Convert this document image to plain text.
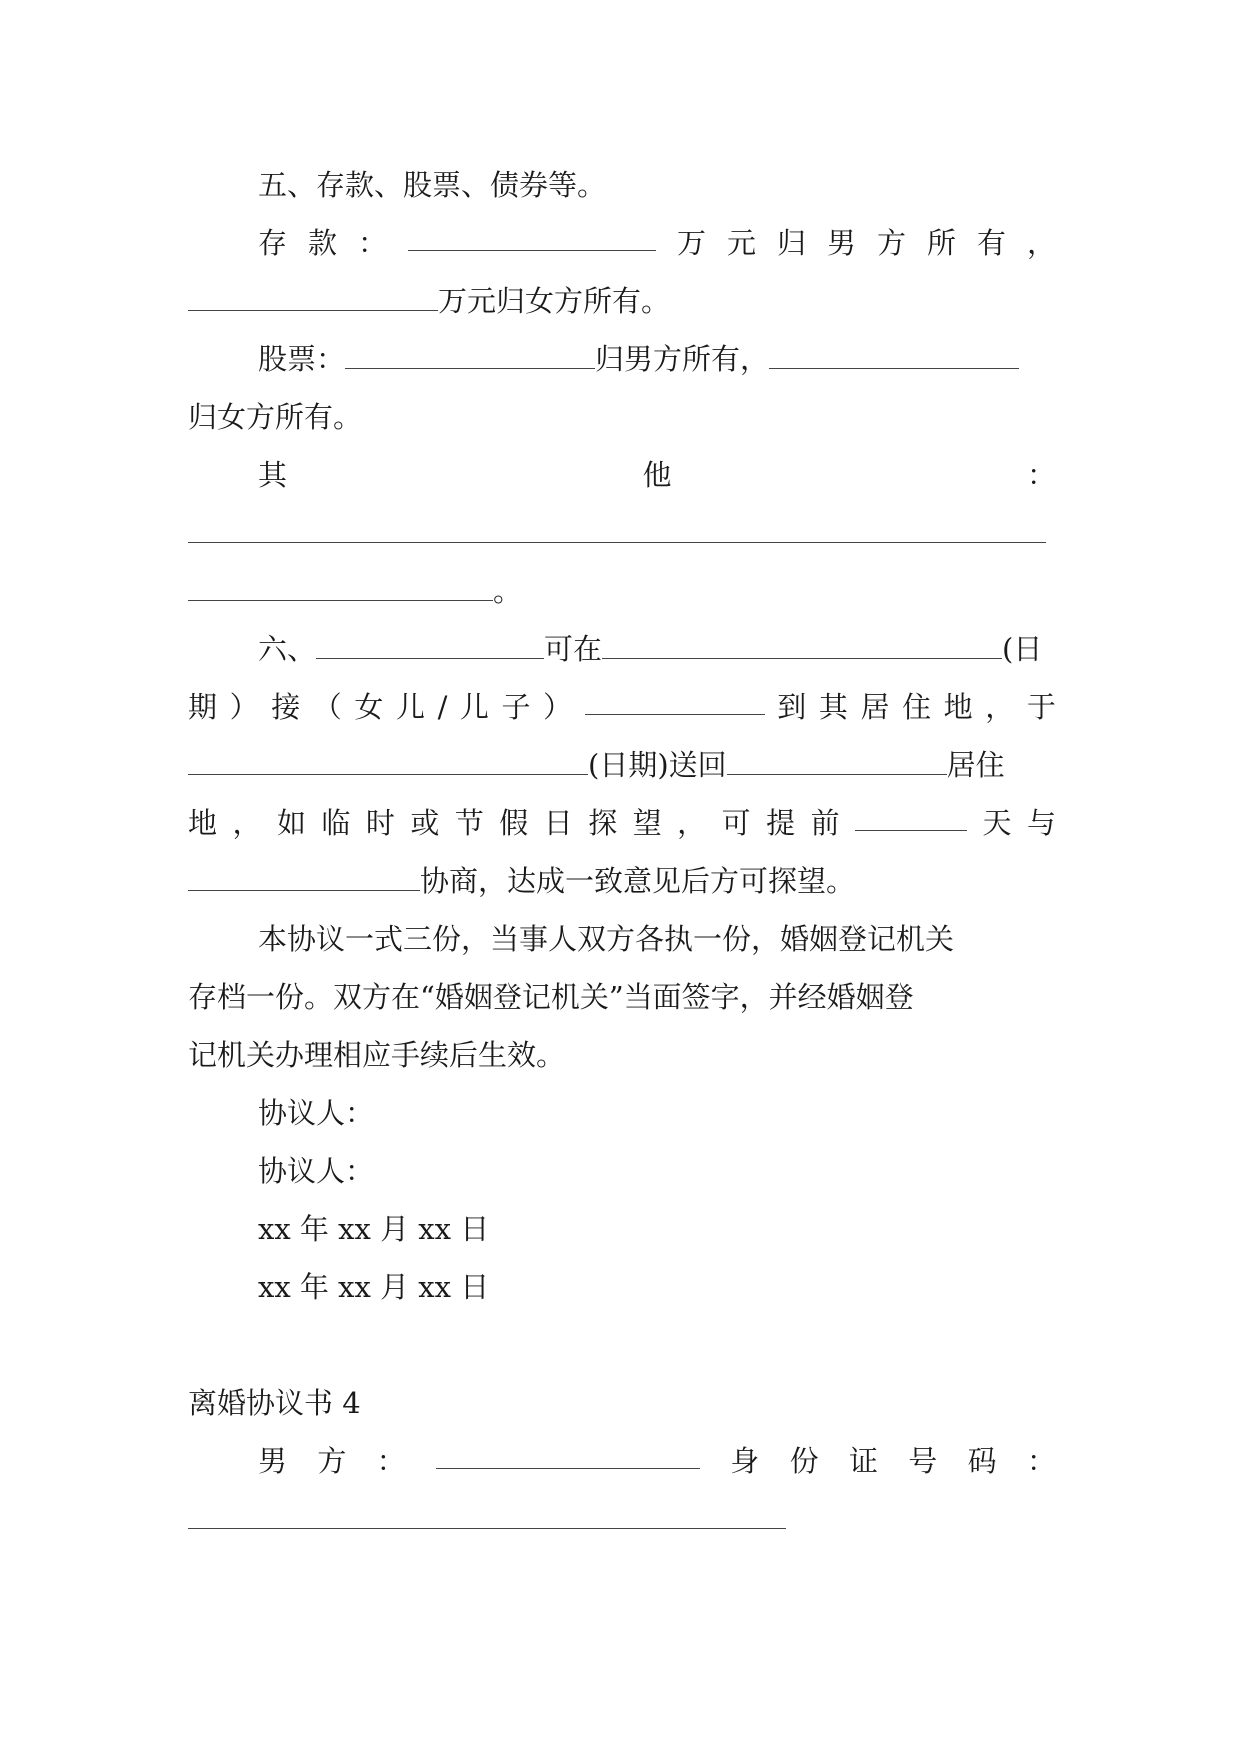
五、存款、股票、债券等。
存 款 ：	万 元 归 男 方 所 有 ，
万元归女方所有。
股票：	归男方所有，
归女方所有。
其	他	：
。
六、	可在	(日
期 ） 接 （ 女 儿 / 儿 子 ）	到 其 居 住 地 ， 于
(日期)送回	居住
地 ， 如 临 时 或 节 假 日 探 望 ， 可 提 前	天 与
协商，达成一致意见后方可探望。
本协议一式三份，当事人双方各执一份，婚姻登记机关
存档一份。双方在“婚姻登记机关”当面签字，并经婚姻登
记机关办理相应手续后生效。
协议人：
协议人：
xx 年 xx 月 xx 日
xx 年 xx 月 xx 日
离婚协议书 4
男 方 ：	身 份 证 号 码 ：
